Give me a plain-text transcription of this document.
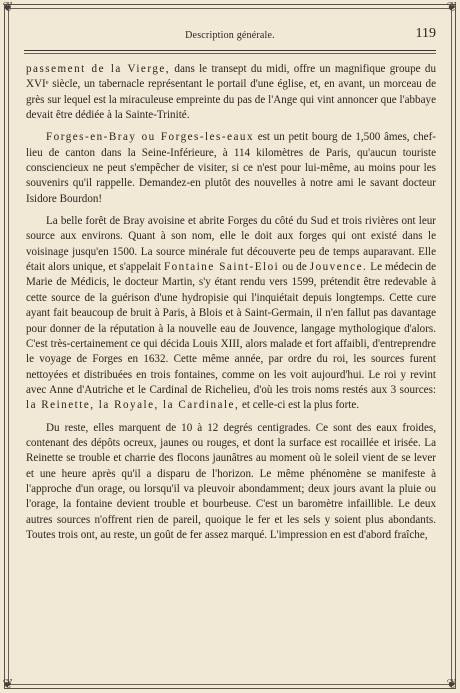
❦	❦
❦	❦
Description générale.	119

passement de la Vierge, dans le transept du midi, offre un magnifique groupe du XVIᵉ siècle, un tabernacle représentant le portail d'une église, et, en avant, un morceau de grès sur lequel est la miraculeuse empreinte du pas de l'Ange qui vint annoncer que l'abbaye devait être dédiée à la Sainte-Trinité.

Forges-en-Bray ou Forges-les-eaux est un petit bourg de 1,500 âmes, chef-lieu de canton dans la Seine-Inférieure, à 114 kilomètres de Paris, qu'aucun touriste consciencieux ne peut s'empêcher de visiter, si ce n'est pour lui-même, au moins pour les souvenirs qu'il rappelle. Demandez-en plutôt des nouvelles à notre ami le savant docteur Isidore Bourdon!

La belle forêt de Bray avoisine et abrite Forges du côté du Sud et trois rivières ont leur source aux environs. Quant à son nom, elle le doit aux forges qui ont existé dans le voisinage jusqu'en 1500. La source minérale fut découverte peu de temps auparavant. Elle était alors unique, et s'appelait Fontaine Saint-Eloi ou de Jouvence. Le médecin de Marie de Médicis, le docteur Martin, s'y étant rendu vers 1599, prétendit être redevable à cette source de la guérison d'une hydropisie qui l'inquiétait depuis longtemps. Cette cure ayant fait beaucoup de bruit à Paris, à Blois et à Saint-Germain, il n'en fallut pas davantage pour donner de la réputation à la nouvelle eau de Jouvence, langage mythologique d'alors. C'est très-certainement ce qui décida Louis XIII, alors malade et fort affaibli, d'entreprendre le voyage de Forges en 1632. Cette même année, par ordre du roi, les sources furent nettoyées et distribuées en trois fontaines, comme on les voit aujourd'hui. Le roi y revint avec Anne d'Autriche et le Cardinal de Richelieu, d'où les trois noms restés aux 3 sources: la Reinette, la Royale, la Cardinale, et celle-ci est la plus forte.

Du reste, elles marquent de 10 à 12 degrés centigrades. Ce sont des eaux froides, contenant des dépôts ocreux, jaunes ou rouges, et dont la surface est rocaillée et irisée. La Reinette se trouble et charrie des flocons jaunâtres au moment où le soleil vient de se lever et une heure après qu'il a disparu de l'horizon. Le même phénomène se manifeste à l'approche d'un orage, ou lorsqu'il va pleuvoir abondamment; deux jours avant la pluie ou l'orage, la fontaine devient trouble et bourbeuse. C'est un baromètre infaillible. Le deux autres sources n'offrent rien de pareil, quoique le fer et les sels y soient plus abondants. Toutes trois ont, au reste, un goût de fer assez marqué. L'impression en est d'abord fraîche,
